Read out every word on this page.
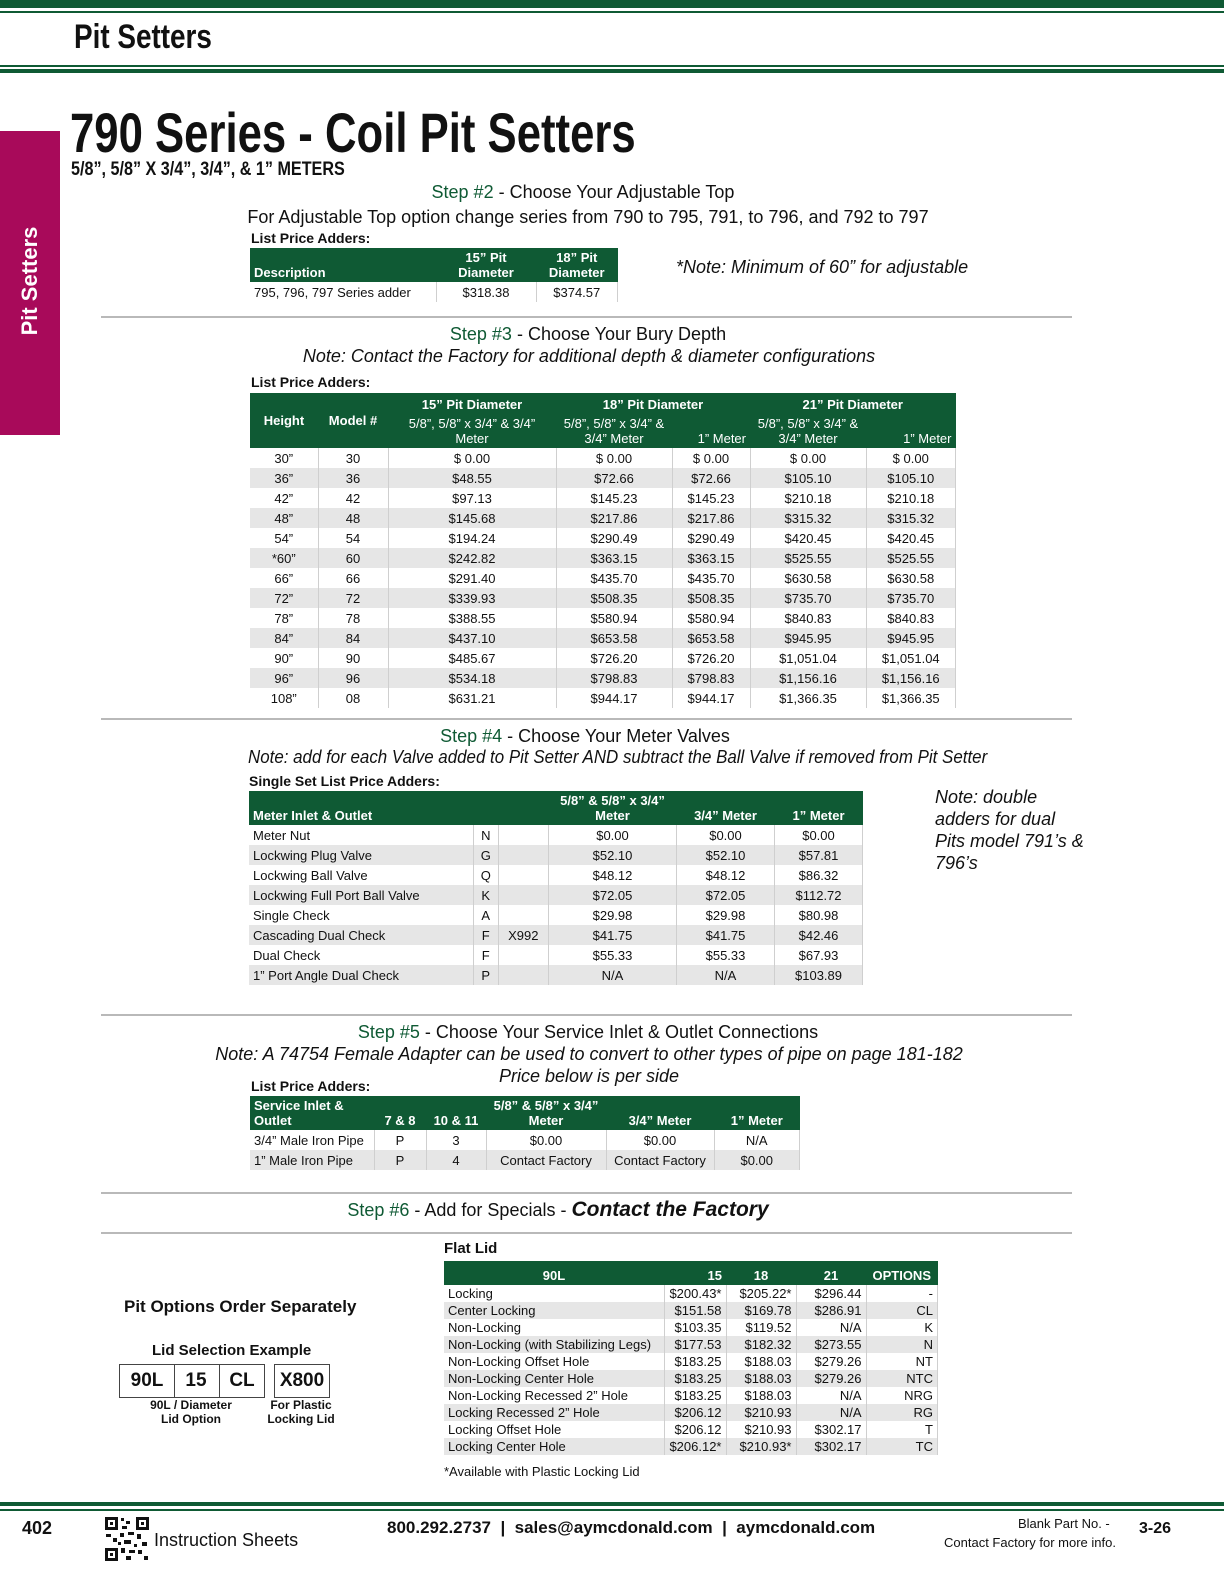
Pit Setters
Pit Setters
790 Series - Coil Pit Setters
5/8”, 5/8” X 3/4”, 3/4”, & 1” METERS
Step #2 - Choose Your Adjustable Top
For Adjustable Top option change series from 790 to 795, 791, to 796, and 792 to 797
List Price Adders:
Description	15” Pit Diameter	18” Pit Diameter
795, 796, 797 Series adder	$318.38	$374.57
*Note: Minimum of 60” for adjustable
Step #3 - Choose Your Bury Depth
Note: Contact the Factory for additional depth & diameter configurations
List Price Adders:
Height	Model #	15” Pit Diameter	18” Pit Diameter		21” Pit Diameter	
		5/8”, 5/8” x 3/4” & 3/4” Meter	5/8”, 5/8” x 3/4” & 3/4” Meter	1” Meter	5/8”, 5/8” x 3/4” & 3/4” Meter	1” Meter
30”	30	$ 0.00	$ 0.00	$ 0.00	$ 0.00	$ 0.00
36”	36	$48.55	$72.66	$72.66	$105.10	$105.10
42”	42	$97.13	$145.23	$145.23	$210.18	$210.18
48”	48	$145.68	$217.86	$217.86	$315.32	$315.32
54”	54	$194.24	$290.49	$290.49	$420.45	$420.45
*60”	60	$242.82	$363.15	$363.15	$525.55	$525.55
66”	66	$291.40	$435.70	$435.70	$630.58	$630.58
72”	72	$339.93	$508.35	$508.35	$735.70	$735.70
78”	78	$388.55	$580.94	$580.94	$840.83	$840.83
84”	84	$437.10	$653.58	$653.58	$945.95	$945.95
90”	90	$485.67	$726.20	$726.20	$1,051.04	$1,051.04
96”	96	$534.18	$798.83	$798.83	$1,156.16	$1,156.16
108”	08	$631.21	$944.17	$944.17	$1,366.35	$1,366.35
Step #4 - Choose Your Meter Valves
Note: add for each Valve added to Pit Setter AND subtract the Ball Valve if removed from Pit Setter
Single Set List Price Adders:
Meter Inlet & Outlet			5/8” & 5/8” x 3/4” Meter	3/4” Meter	1” Meter
Meter Nut	N		$0.00	$0.00	$0.00
Lockwing Plug Valve	G		$52.10	$52.10	$57.81
Lockwing Ball Valve	Q		$48.12	$48.12	$86.32
Lockwing Full Port Ball Valve	K		$72.05	$72.05	$112.72
Single Check	A		$29.98	$29.98	$80.98
Cascading Dual Check	F	X992	$41.75	$41.75	$42.46
Dual Check	F		$55.33	$55.33	$67.93
1” Port Angle Dual Check	P		N/A	N/A	$103.89
Note: double adders for dual Pits model 791’s & 796’s
Step #5 - Choose Your Service Inlet & Outlet Connections
Note: A 74754 Female Adapter can be used to convert to other types of pipe on page 181-182
Price below is per side
List Price Adders:
Service Inlet & Outlet	7 & 8	10 & 11	5/8” & 5/8” x 3/4” Meter	3/4” Meter	1” Meter
3/4” Male Iron Pipe	P	3	$0.00	$0.00	N/A
1” Male Iron Pipe	P	4	Contact Factory	Contact Factory	$0.00
Step #6 - Add for Specials - Contact the Factory
Pit Options Order Separately
Lid Selection Example
90L	15	CL	X800
90L / Diameter Lid Option
For Plastic Locking Lid
Flat Lid
90L	15	18	21	OPTIONS
Locking	$200.43*	$205.22*	$296.44	-
Center Locking	$151.58	$169.78	$286.91	CL
Non-Locking	$103.35	$119.52	N/A	K
Non-Locking (with Stabilizing Legs)	$177.53	$182.32	$273.55	N
Non-Locking Offset Hole	$183.25	$188.03	$279.26	NT
Non-Locking Center Hole	$183.25	$188.03	$279.26	NTC
Non-Locking Recessed 2” Hole	$183.25	$188.03	N/A	NRG
Locking Recessed 2” Hole	$206.12	$210.93	N/A	RG
Locking Offset Hole	$206.12	$210.93	$302.17	T
Locking Center Hole	$206.12*	$210.93*	$302.17	TC
*Available with Plastic Locking Lid
402
Instruction Sheets
800.292.2737  |  sales@aymcdonald.com  |  aymcdonald.com	Blank Part No. -
Contact Factory for more info.
3-26
